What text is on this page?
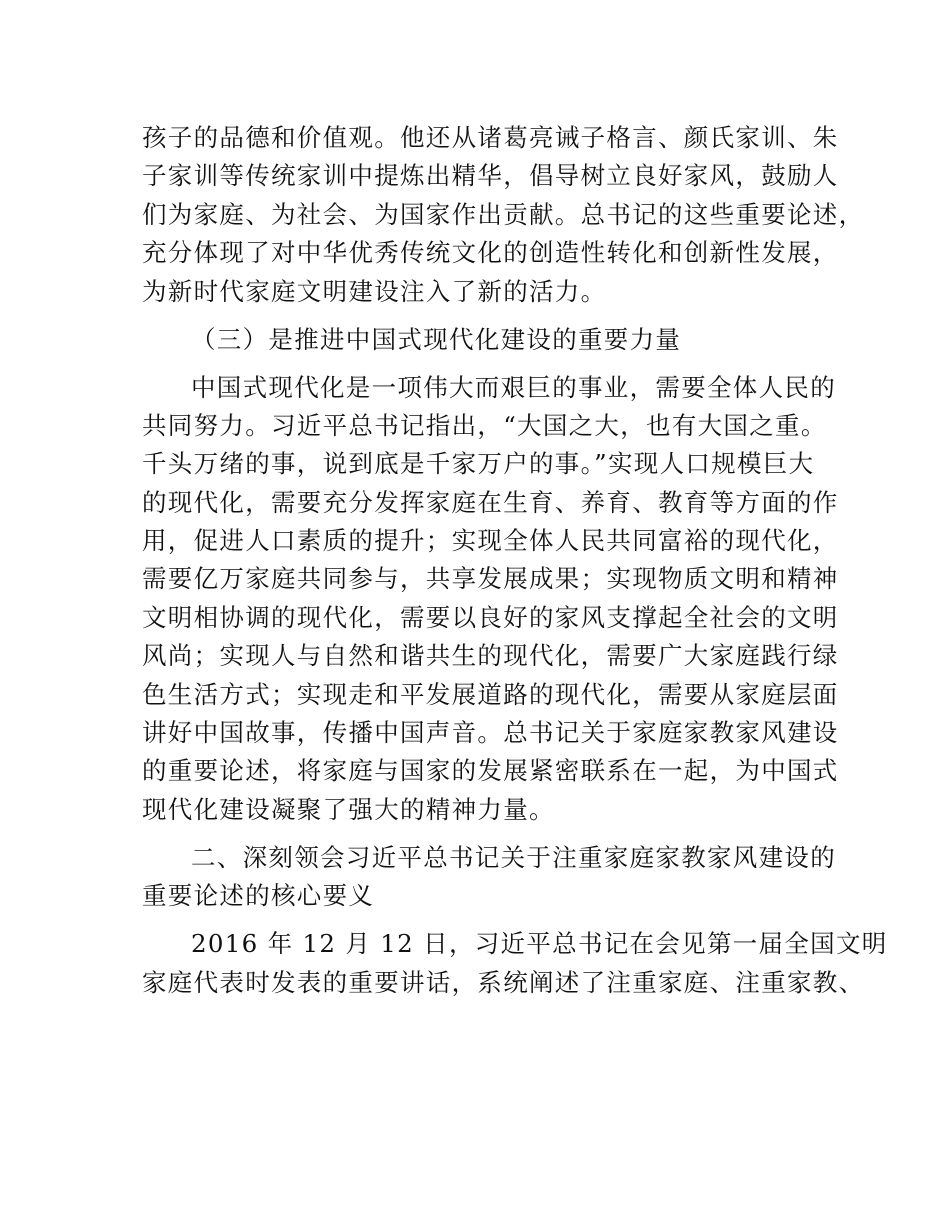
孩子的品德和价值观。他还从诸葛亮诫子格言、颜氏家训、朱
子家训等传统家训中提炼出精华，倡导树立良好家风，鼓励人
们为家庭、为社会、为国家作出贡献。总书记的这些重要论述，
充分体现了对中华优秀传统文化的创造性转化和创新性发展，
为新时代家庭文明建设注入了新的活力。
（三）是推进中国式现代化建设的重要力量
中国式现代化是一项伟大而艰巨的事业，需要全体人民的
共同努力。习近平总书记指出，“大国之大，也有大国之重。
千头万绪的事，说到底是千家万户的事。”实现人口规模巨大
的现代化，需要充分发挥家庭在生育、养育、教育等方面的作
用，促进人口素质的提升；实现全体人民共同富裕的现代化，
需要亿万家庭共同参与，共享发展成果；实现物质文明和精神
文明相协调的现代化，需要以良好的家风支撑起全社会的文明
风尚；实现人与自然和谐共生的现代化，需要广大家庭践行绿
色生活方式；实现走和平发展道路的现代化，需要从家庭层面
讲好中国故事，传播中国声音。总书记关于家庭家教家风建设
的重要论述，将家庭与国家的发展紧密联系在一起，为中国式
现代化建设凝聚了强大的精神力量。
二、深刻领会习近平总书记关于注重家庭家教家风建设的
重要论述的核心要义
2016 年 12 月 12 日，习近平总书记在会见第一届全国文明
家庭代表时发表的重要讲话，系统阐述了注重家庭、注重家教、
